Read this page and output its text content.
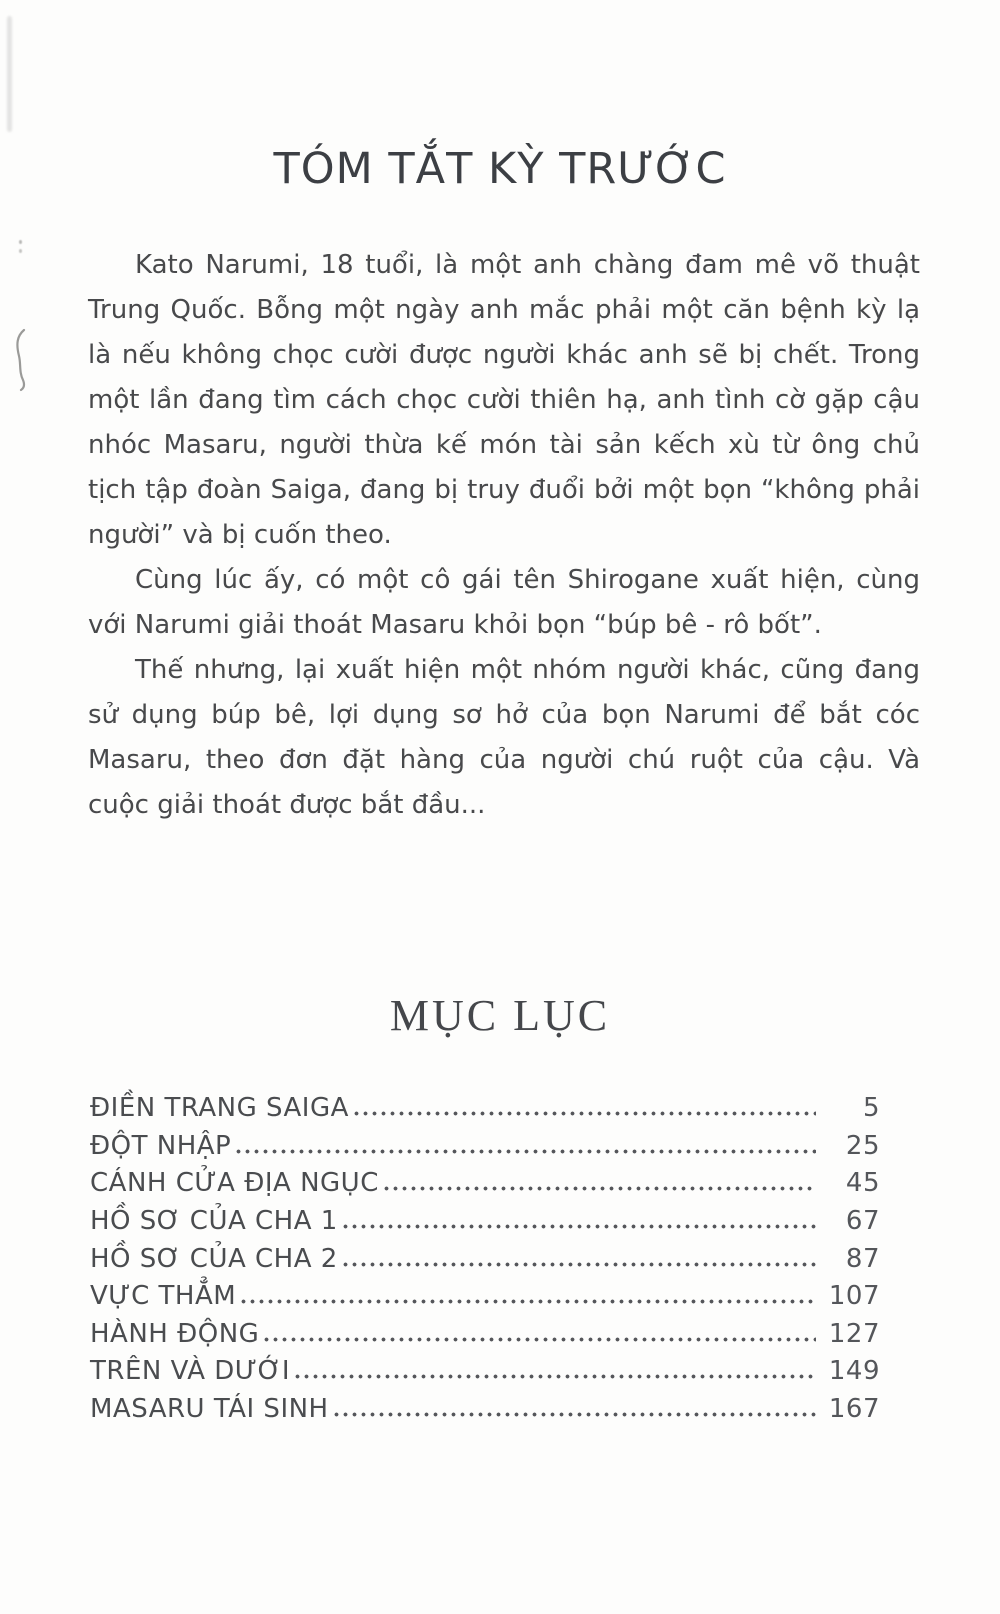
TÓM TẮT KỲ TRƯỚC

Kato Narumi, 18 tuổi, là một anh chàng đam mê võ thuật Trung Quốc. Bỗng một ngày anh mắc phải một căn bệnh kỳ lạ là nếu không chọc cười được người khác anh sẽ bị chết. Trong một lần đang tìm cách chọc cười thiên hạ, anh tình cờ gặp cậu nhóc Masaru, người thừa kế món tài sản kếch xù từ ông chủ tịch tập đoàn Saiga, đang bị truy đuổi bởi một bọn “không phải người” và bị cuốn theo.

Cùng lúc ấy, có một cô gái tên Shirogane xuất hiện, cùng với Narumi giải thoát Masaru khỏi bọn “búp bê - rô bốt”.

Thế nhưng, lại xuất hiện một nhóm người khác, cũng đang sử dụng búp bê, lợi dụng sơ hở của bọn Narumi để bắt cóc Masaru, theo đơn đặt hàng của người chú ruột của cậu. Và cuộc giải thoát được bắt đầu...

MỤC LỤC
ĐIỀN TRANG SAIGA	5
ĐỘT NHẬP	25
CÁNH CỬA ĐỊA NGỤC	45
HỒ SƠ CỦA CHA 1	67
HỒ SƠ CỦA CHA 2	87
VỰC THẲM	107
HÀNH ĐỘNG	127
TRÊN VÀ DƯỚI	149
MASARU TÁI SINH	167
